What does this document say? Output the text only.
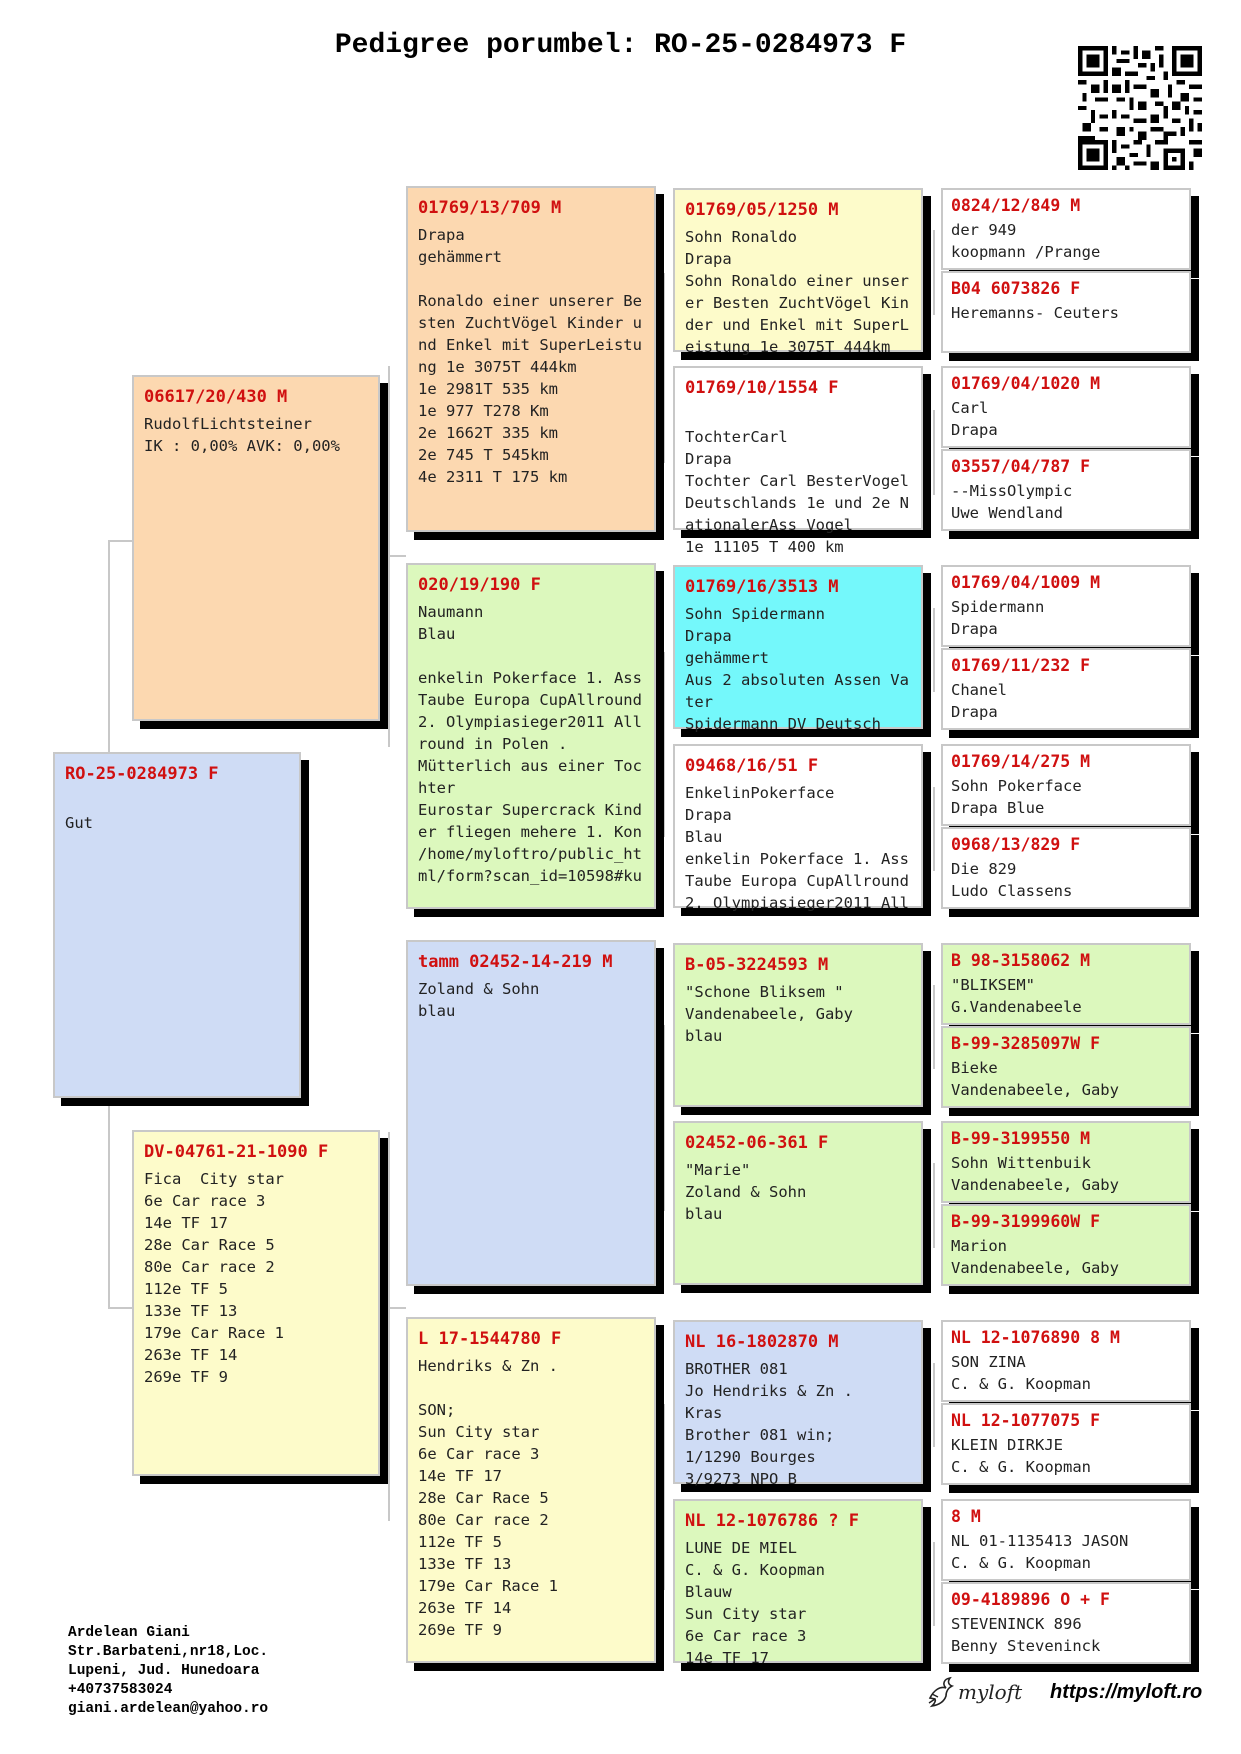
Pedigree porumbel: RO-25-0284973 F
RO-25-0284973 F

Gut
06617/20/430 M
RudolfLichtsteiner
IK : 0,00% AVK: 0,00%
DV-04761-21-1090 F
Fica  City star
6e Car race 3
14e TF 17
28e Car Race 5
80e Car race 2
112e TF 5
133e TF 13
179e Car Race 1
263e TF 14
269e TF 9
01769/13/709 M
Drapa
gehämmert

Ronaldo einer unserer Besten ZuchtVögel Kinder und Enkel mit SuperLeistung 1e 3075T 444km
1e 2981T 535 km
1e 977 T278 Km
2e 1662T 335 km
2e 745 T 545km
4e 2311 T 175 km
020/19/190 F
Naumann
Blau

enkelin Pokerface 1. Ass Taube Europa CupAllround 2. Olympiasieger2011 Allround in Polen .
Mütterlich aus einer Tochter
Eurostar Supercrack Kinder fliegen mehere 1. Kon /home/myloftro/public_html/form?scan_id=10598#ku
tamm 02452-14-219 M
Zoland & Sohn
blau
L 17-1544780 F
Hendriks & Zn .

SON;
Sun City star
6e Car race 3
14e TF 17
28e Car Race 5
80e Car race 2
112e TF 5
133e TF 13
179e Car Race 1
263e TF 14
269e TF 9
01769/05/1250 M
Sohn Ronaldo
Drapa
Sohn Ronaldo einer unserer Besten ZuchtVögel Kinder und Enkel mit SuperLeistung 1e 3075T 444km
01769/10/1554 F

TochterCarl
Drapa
Tochter Carl BesterVogel Deutschlands 1e und 2e NationalerAss Vogel
1e 11105 T 400 km
01769/16/3513 M
Sohn Spidermann
Drapa
gehämmert
Aus 2 absoluten Assen Vater
Spidermann DV Deutsch
09468/16/51 F
EnkelinPokerface
Drapa
Blau
enkelin Pokerface 1. Ass Taube Europa CupAllround 2. Olympiasieger2011 All
B-05-3224593 M
"Schone Bliksem "
Vandenabeele, Gaby
blau
02452-06-361 F
"Marie"
Zoland & Sohn
blau
NL 16-1802870 M
BROTHER 081
Jo Hendriks & Zn .
Kras
Brother 081 win;
1/1290 Bourges
3/9273 NPO B
NL 12-1076786 ? F
LUNE DE MIEL
C. & G. Koopman
Blauw
Sun City star
6e Car race 3
14e TF 17
0824/12/849 M
der 949
koopmann /Prange
B04 6073826 F
Heremanns- Ceuters
01769/04/1020 M
Carl
Drapa
03557/04/787 F
--MissOlympic
Uwe Wendland
01769/04/1009 M
Spidermann
Drapa
01769/11/232 F
Chanel
Drapa
01769/14/275 M
Sohn Pokerface
Drapa Blue
0968/13/829 F
Die 829
Ludo Classens
B 98-3158062 M
"BLIKSEM"
G.Vandenabeele
B-99-3285097W F
Bieke
Vandenabeele, Gaby
B-99-3199550 M
Sohn Wittenbuik
Vandenabeele, Gaby
B-99-3199960W F
Marion
Vandenabeele, Gaby
NL 12-1076890 8 M
SON ZINA
C. & G. Koopman
NL 12-1077075 F
KLEIN DIRKJE
C. & G. Koopman
8 M
NL 01-1135413 JASON
C. & G. Koopman
09-4189896 O + F
STEVENINCK 896
Benny Steveninck
Ardelean Giani
Str.Barbateni,nr18,Loc.
Lupeni, Jud. Hunedoara
+40737583024
giani.ardelean@yahoo.ro
myloft https://myloft.ro
